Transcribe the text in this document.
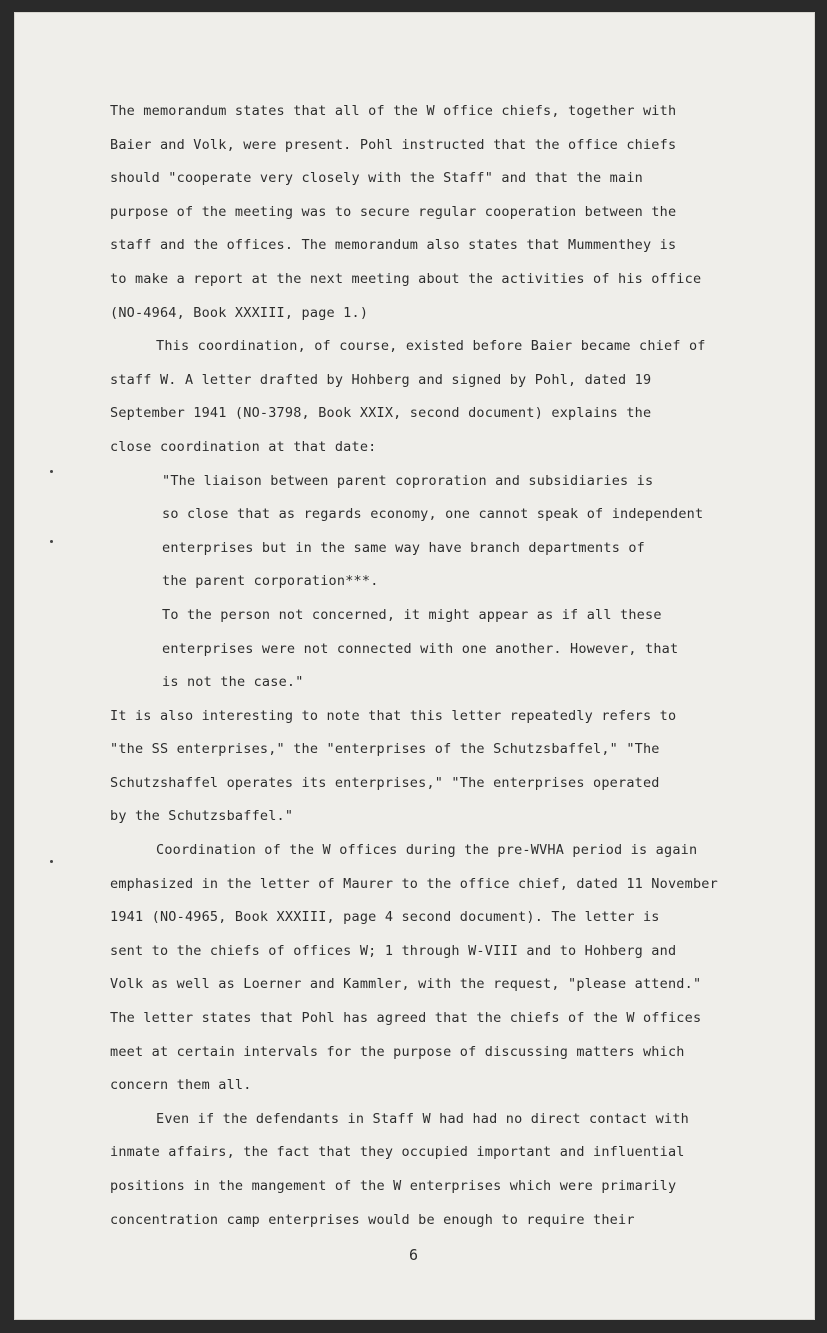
The memorandum states that all of the W office chiefs, together with
Baier and Volk, were present. Pohl instructed that the office chiefs
should "cooperate very closely with the Staff" and that the main
purpose of the meeting was to secure regular cooperation between the
staff and the offices. The memorandum also states that Mummenthey is
to make a report at the next meeting about the activities of his office
(NO-4964, Book XXXIII, page 1.)
This coordination, of course, existed before Baier became chief of
staff W. A letter drafted by Hohberg and signed by Pohl, dated 19
September 1941 (NO-3798, Book XXIX, second document) explains the
close coordination at that date:
"The liaison between parent coproration and subsidiaries is
so close that as regards economy, one cannot speak of independent
enterprises but in the same way have branch departments of
the parent corporation***.
To the person not concerned, it might appear as if all these
enterprises were not connected with one another. However, that
is not the case."
It is also interesting to note that this letter repeatedly refers to
"the SS enterprises," the "enterprises of the Schutzsbaffel," "The
Schutzshaffel operates its enterprises," "The enterprises operated
by the Schutzsbaffel."
Coordination of the W offices during the pre-WVHA period is again
emphasized in the letter of Maurer to the office chief, dated 11 November
1941 (NO-4965, Book XXXIII, page 4 second document). The letter is
sent to the chiefs of offices W; 1 through W-VIII and to Hohberg and
Volk as well as Loerner and Kammler, with the request, "please attend."
The letter states that Pohl has agreed that the chiefs of the W offices
meet at certain intervals for the purpose of discussing matters which
concern them all.
Even if the defendants in Staff W had had no direct contact with
inmate affairs, the fact that they occupied important and influential
positions in the mangement of the W enterprises which were primarily
concentration camp enterprises would be enough to require their
6
